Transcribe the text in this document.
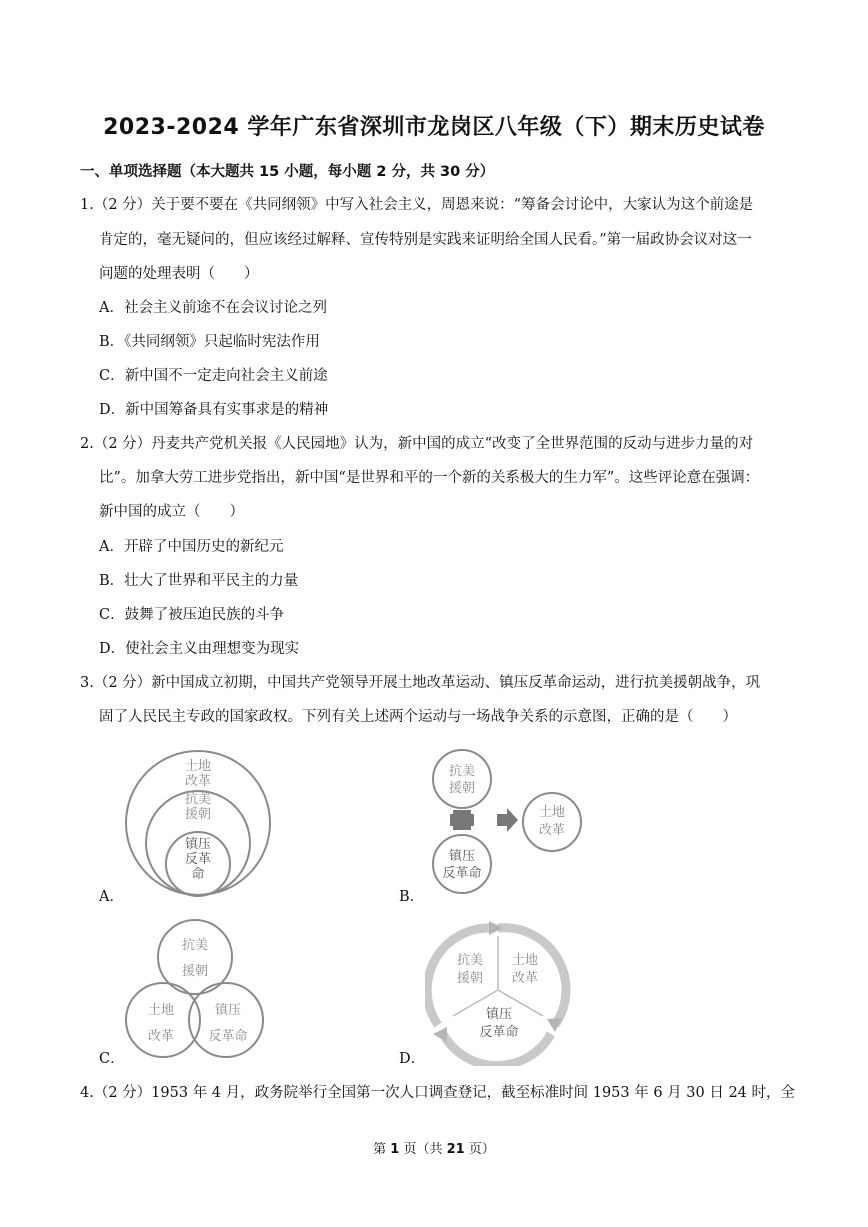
2023-2024 学年广东省深圳市龙岗区八年级（下）期末历史试卷
一、单项选择题（本大题共 15 小题，每小题 2 分，共 30 分）
1.（2 分）关于要不要在《共同纲领》中写入社会主义，周恩来说：“筹备会讨论中，大家认为这个前途是
肯定的，毫无疑问的，但应该经过解释、宣传特别是实践来证明给全国人民看。”第一届政协会议对这一
问题的处理表明（　　）
A．社会主义前途不在会议讨论之列
B．《共同纲领》只起临时宪法作用
C．新中国不一定走向社会主义前途
D．新中国筹备具有实事求是的精神
2.（2 分）丹麦共产党机关报《人民园地》认为，新中国的成立“改变了全世界范围的反动与进步力量的对
比”。加拿大劳工进步党指出，新中国“是世界和平的一个新的关系极大的生力军”。这些评论意在强调：
新中国的成立（　　）
A．开辟了中国历史的新纪元
B．壮大了世界和平民主的力量
C．鼓舞了被压迫民族的斗争
D．使社会主义由理想变为现实
3.（2 分）新中国成立初期，中国共产党领导开展土地改革运动、镇压反革命运动，进行抗美援朝战争，巩
固了人民民主专政的国家政权。下列有关上述两个运动与一场战争关系的示意图，正确的是（　　）
土地
改革
抗美
援朝
镇压
反革
命
A．
抗美
援朝
土地
改革
镇压
反革命
B．
抗美
援朝
土地
改革
镇压
反革命
C．
抗美
援朝
土地
改革
镇压
反革命
D．
4.（2 分）1953 年 4 月，政务院举行全国第一次人口调查登记，截至标准时间 1953 年 6 月 30 日 24 时，全
第 1 页（共 21 页）
